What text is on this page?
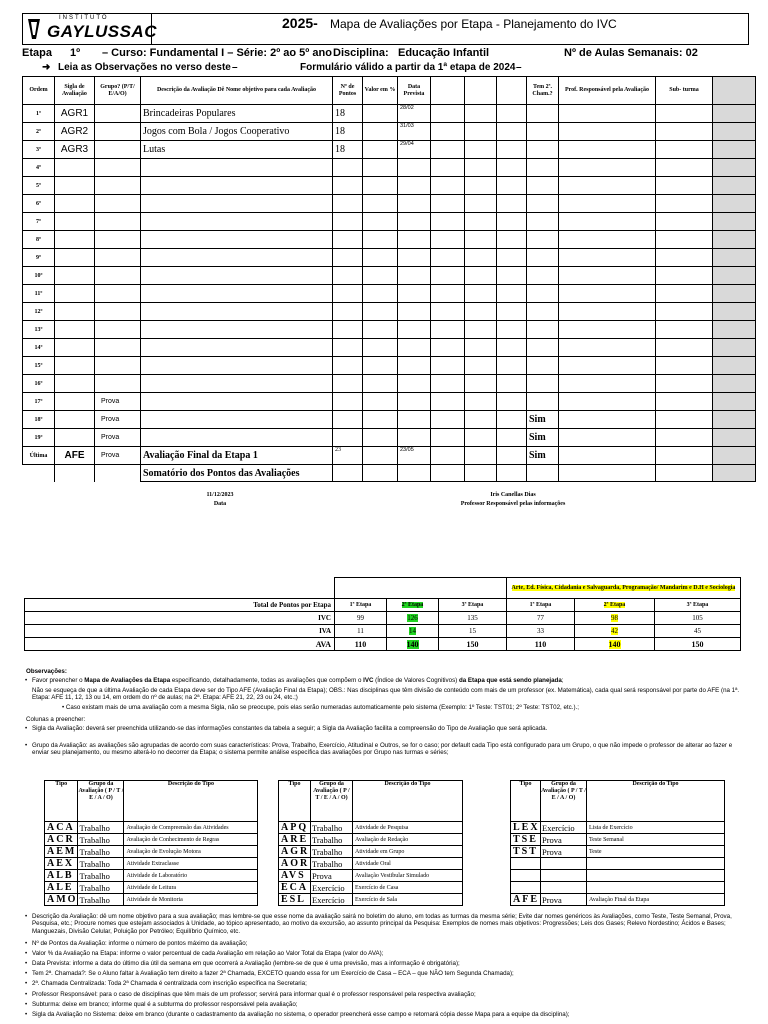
INSTITUTO
GAYLUSSAC	2025- Mapa de Avaliações por Etapa - Planejamento do IVC
Etapa 1º – Curso: Fundamental I – Série: 2º ao 5º ano Disciplina: Educação Infantil	Nº de Aulas Semanais: 02
➜ Leia as Observações no verso deste –	Formulário válido a partir da 1ª etapa de 2024 –
Ordem	Sigla de Avaliação	Grupo? (P/T/ E/A/O)	Descrição da Avaliação Dê Nome objetivo para cada Avaliação	Nº de Pontos	Valor em %	Data Prevista				Tem 2ª. Cham.?	Prof. Responsável pela Avaliação	Sub- turma	
1º	AGR1		Brincadeiras Populares	18		28/02							
2º	AGR2		Jogos com Bola / Jogos Cooperativo	18		31/03							
3º	AGR3		Lutas	18		29/04							
4º													
5º													
6º													
7º													
8º													
9º													
10º													
11º													
12º													
13º													
14º													
15º													
16º													
17º		Prova											
18º		Prova								Sim			
19º		Prova								Sim			
Última	AFE	Prova	Avaliação Final da Etapa 1	23		23/05				Sim			
			Somatório dos Pontos das Avaliações										
11/12/2023
Data
Iris Canellas Dias
Professor Responsável pelas informações
				Arte, Ed. Física, Cidadania e Salvaguarda, Programação/ Mandarim e D.H e Sociologia		
Total de Pontos por Etapa	1ª Etapa	2ª Etapa	3ª Etapa	1ª Etapa	2ª Etapa	3ª Etapa
IVC	99	126	135	77	98	105
IVA	11	14	15	33	42	45
AVA	110	140	150	110	140	150
Observações:
• Favor preencher o Mapa de Avaliações da Etapa especificando, detalhadamente, todas as avaliações que compõem o IVC (Índice de Valores Cognitivos) da Etapa que está sendo planejada;
Não se esqueça de que a última Avaliação de cada Etapa deve ser do Tipo AFE (Avaliação Final da Etapa); OBS.: Nas disciplinas que têm divisão de conteúdo com mais de um professor (ex. Matemática), cada qual será responsável por parte do AFE (na 1ª. Etapa: AFE 11, 12, 13 ou 14, em ordem do nº de aulas; na 2ª. Etapa: AFE 21, 22, 23 ou 24, etc.;)
• Caso existam mais de uma avaliação com a mesma Sigla, não se preocupe, pois elas serão numeradas automaticamente pelo sistema (Exemplo: 1º Teste: TST01; 2º Teste: TST02, etc.).;
Colunas a preencher:
• Sigla da Avaliação: deverá ser preenchida utilizando-se das informações constantes da tabela a seguir; a Sigla da Avaliação facilita a compreensão do Tipo de Avaliação que será aplicada.
• Grupo da Avaliação: as avaliações são agrupadas de acordo com suas características: Prova, Trabalho, Exercício, Atitudinal e Outros, se for o caso; por default cada Tipo está configurado para um Grupo, o que não impede o professor de alterar ao fazer e enviar seu planejamento, ou mesmo alterá-lo no decorrer da Etapa; o sistema permite análise específica das avaliações por Grupo nas turmas e séries;
Tipo	Grupo da Avaliação ( P / T / E / A / O)	Descrição do Tipo
ACA	Trabalho	Avaliação de Compreensão das Atividades
ACR	Trabalho	Avaliação de Conhecimento de Regras
AEM	Trabalho	Avaliação de Evolução Motora
AEX	Trabalho	Atividade Extraclasse
ALB	Trabalho	Atividade de Laboratório
ALE	Trabalho	Atividade de Leitura
AMO	Trabalho	Atividade de Monitoria
Tipo	Grupo da Avaliação ( P / T / E / A / O)	Descrição do Tipo
APQ	Trabalho	Atividade de Pesquisa
ARE	Trabalho	Avaliação de Redação
AGR	Trabalho	Atividade em Grupo
AOR	Trabalho	Atividade Oral
AVS	Prova	Avaliação Vestibular Simulado
ECA	Exercício	Exercício de Casa
ESL	Exercício	Exercício de Sala
Tipo	Grupo da Avaliação ( P / T / E / A / O)	Descrição do Tipo
LEX	Exercício	Lista de Exercício
TSE	Prova	Teste Semanal
TST	Prova	Teste

AFE	Prova	Avaliação Final da Etapa
• Descrição da Avaliação: dê um nome objetivo para a sua avaliação; mas lembre-se que esse nome da avaliação sairá no boletim do aluno, em todas as turmas da mesma série; Evite dar nomes genéricos às Avaliações, como Teste, Teste Semanal, Prova, Pesquisa, etc.; Procure nomes que estejam associados à Unidade, ao tópico apresentado, ao motivo da excursão, ao assunto principal da Pesquisa: Exemplos de nomes mais objetivos: Progressões; Leis dos Gases; Relevo Nordestino; Ácidos e Bases; Manguezais, Divisão Celular, Poluição por Petróleo; Equilíbrio Químico, etc.
• Nº de Pontos da Avaliação: informe o número de pontos máximo da avaliação;
• Valor % da Avaliação na Etapa: informe o valor percentual de cada Avaliação em relação ao Valor Total da Etapa (valor do AVA);
• Data Prevista: informe a data do último dia útil da semana em que ocorrerá a Avaliação (lembre-se de que é uma previsão, mas a informação é obrigatória);
• Tem 2ª. Chamada?: Se o Aluno faltar à Avaliação tem direito a fazer 2ª Chamada, EXCETO quando essa for um Exercício de Casa – ECA – que NÃO tem Segunda Chamada);
• 2ª. Chamada Centralizada: Toda 2ª Chamada é centralizada com inscrição específica na Secretaria;
• Professor Responsável: para o caso de disciplinas que têm mais de um professor; servirá para informar qual é o professor responsável pela respectiva avaliação;
• Subturma: deixe em branco; informe qual é a subturma do professor responsável pela avaliação;
• Sigla da Avaliação no Sistema: deixe em branco (durante o cadastramento da avaliação no sistema, o operador preencherá esse campo e retornará cópia desse Mapa para a equipe da disciplina);
